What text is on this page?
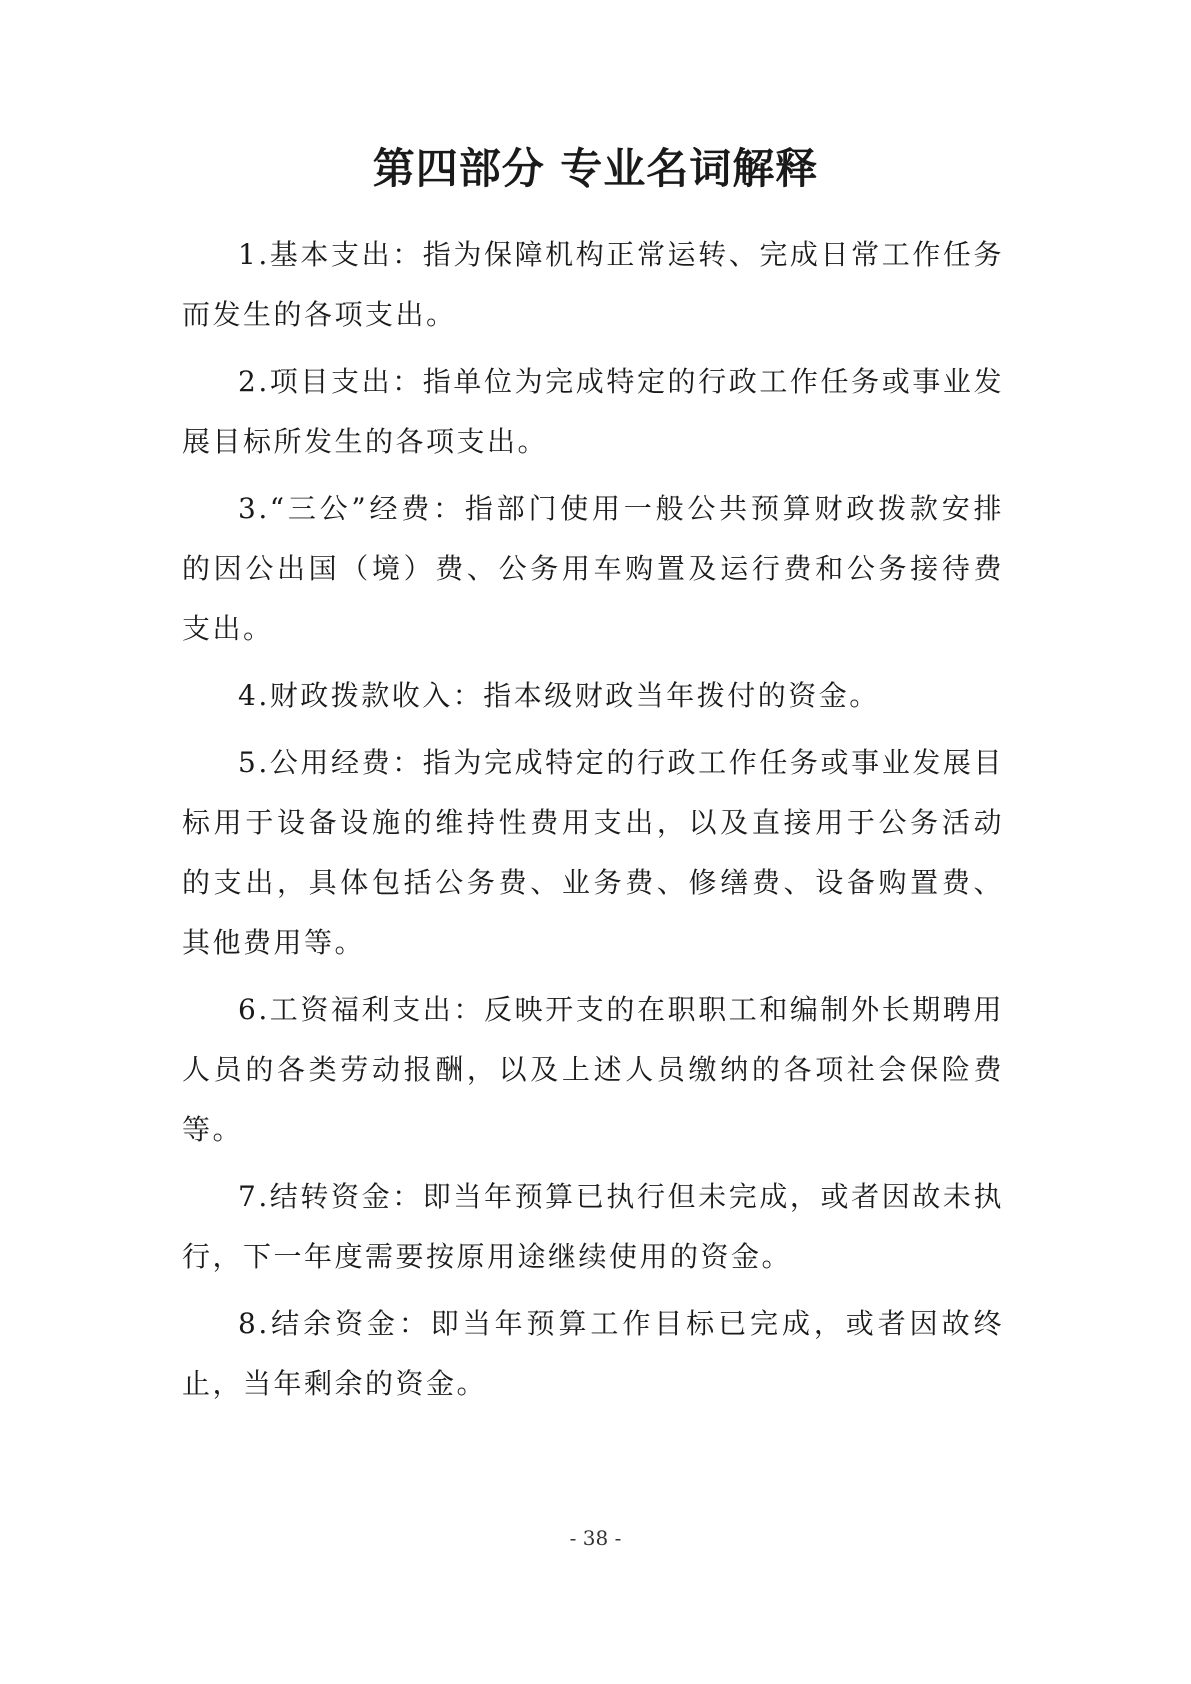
第四部分 专业名词解释

1.基本支出：指为保障机构正常运转、完成日常工作任务而发生的各项支出。

2.项目支出：指单位为完成特定的行政工作任务或事业发展目标所发生的各项支出。

3.“三公”经费：指部门使用一般公共预算财政拨款安排的因公出国（境）费、公务用车购置及运行费和公务接待费 支出。

4.财政拨款收入：指本级财政当年拨付的资金。

5.公用经费：指为完成特定的行政工作任务或事业发展目标用于设备设施的维持性费用支出，以及直接用于公务活动的支出，具体包括公务费、业务费、修缮费、设备购置费、其他费用等。

6.工资福利支出：反映开支的在职职工和编制外长期聘用人员的各类劳动报酬，以及上述人员缴纳的各项社会保险费等。

7.结转资金：即当年预算已执行但未完成，或者因故未执行，下一年度需要按原用途继续使用的资金。

8.结余资金：即当年预算工作目标已完成，或者因故终止，当年剩余的资金。

- 38 -
